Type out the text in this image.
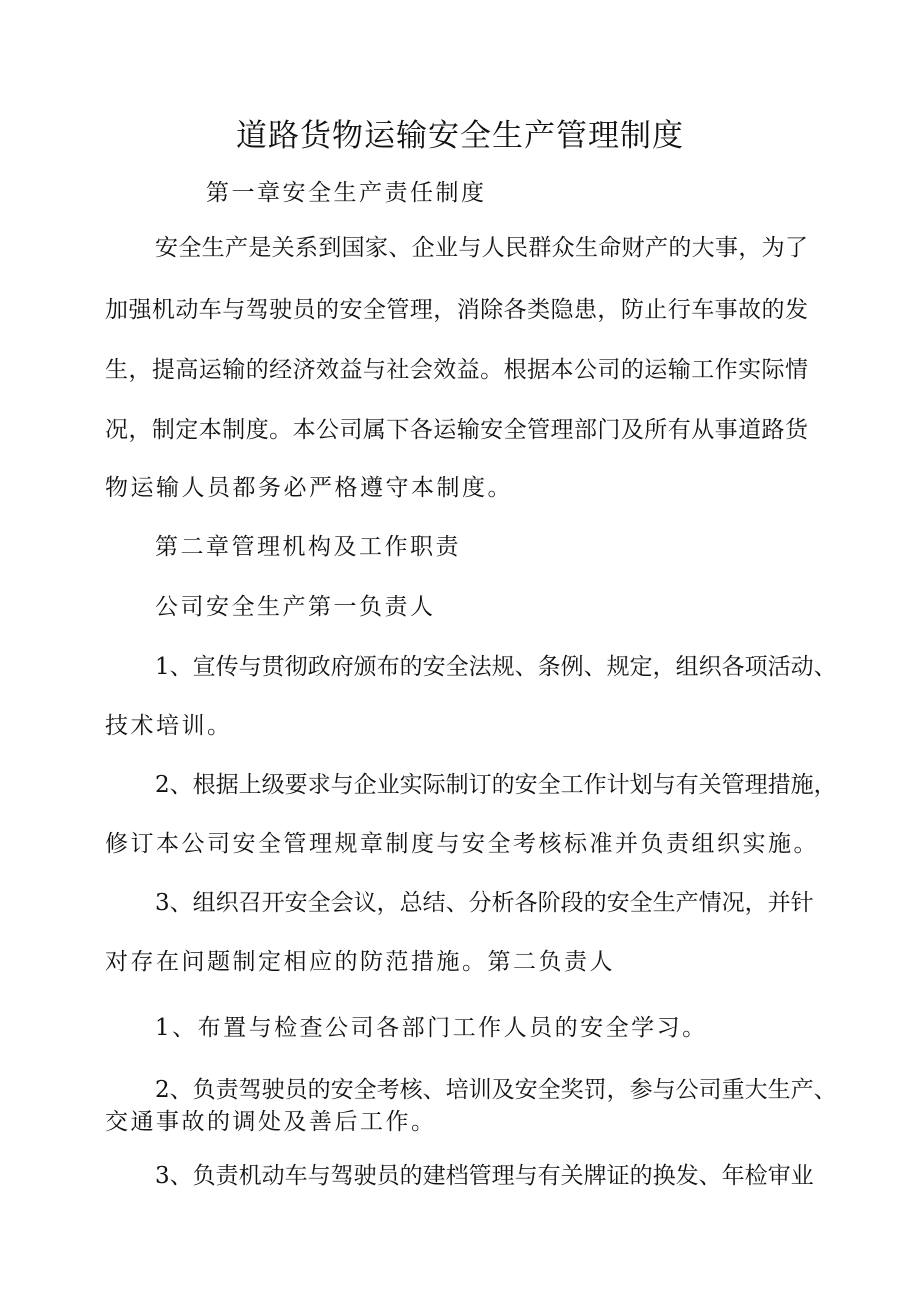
道路货物运输安全生产管理制度
第一章安全生产责任制度
安全生产是关系到国家、企业与人民群众生命财产的大事，为了
加强机动车与驾驶员的安全管理，消除各类隐患，防止行车事故的发
生，提高运输的经济效益与社会效益。根据本公司的运输工作实际情
况，制定本制度。本公司属下各运输安全管理部门及所有从事道路货
物运输人员都务必严格遵守本制度。
第二章管理机构及工作职责
公司安全生产第一负责人
1、宣传与贯彻政府颁布的安全法规、条例、规定，组织各项活动、
技术培训。
2、根据上级要求与企业实际制订的安全工作计划与有关管理措施，
修订本公司安全管理规章制度与安全考核标准并负责组织实施。
3、组织召开安全会议，总结、分析各阶段的安全生产情况，并针
对存在问题制定相应的防范措施。第二负责人
1、布置与检查公司各部门工作人员的安全学习。
2、负责驾驶员的安全考核、培训及安全奖罚，参与公司重大生产、
交通事故的调处及善后工作。
3、负责机动车与驾驶员的建档管理与有关牌证的换发、年检审业
